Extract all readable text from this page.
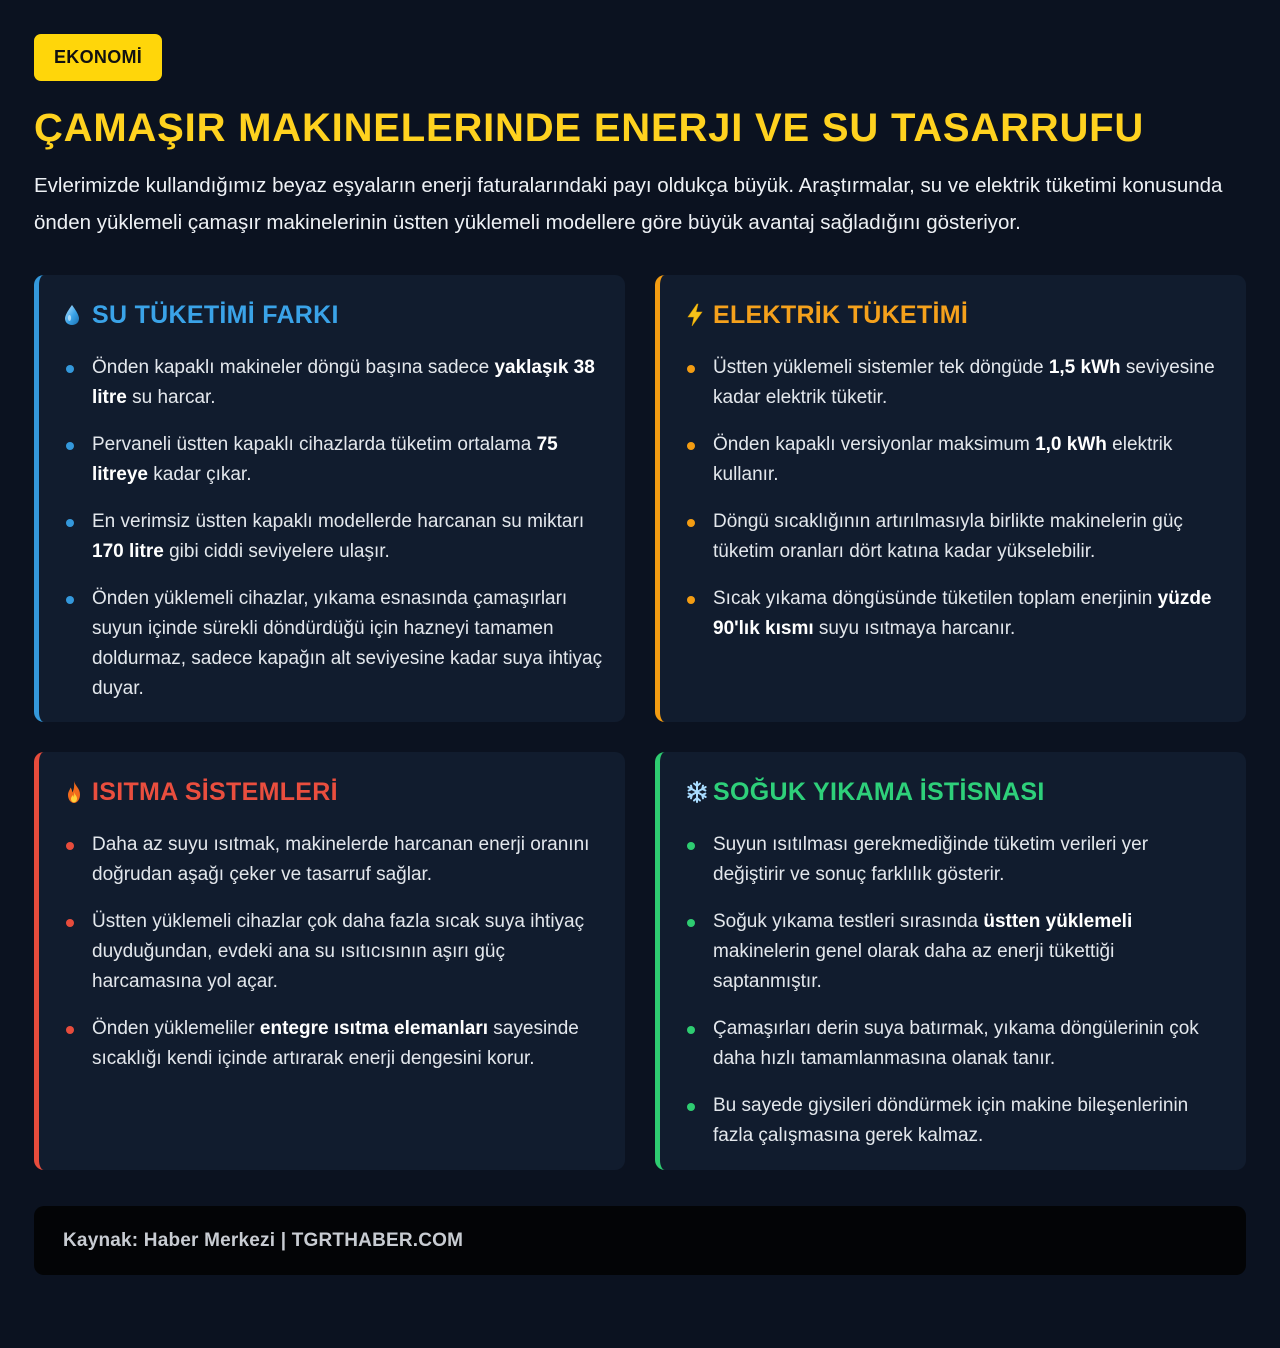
EKONOMİ
ÇAMAŞIR MAKINELERINDE ENERJI VE SU TASARRUFU

Evlerimizde kullandığımız beyaz eşyaların enerji faturalarındaki payı oldukça büyük. Araştırmalar, su ve elektrik tüketimi konusunda önden yüklemeli çamaşır makinelerinin üstten yüklemeli modellere göre büyük avantaj sağladığını gösteriyor.

SU TÜKETİMİ FARKI
Önden kapaklı makineler döngü başına sadece yaklaşık 38 litre su harcar.
Pervaneli üstten kapaklı cihazlarda tüketim ortalama 75 litreye kadar çıkar.
En verimsiz üstten kapaklı modellerde harcanan su miktarı 170 litre gibi ciddi seviyelere ulaşır.
Önden yüklemeli cihazlar, yıkama esnasında çamaşırları suyun içinde sürekli döndürdüğü için hazneyi tamamen doldurmaz, sadece kapağın alt seviyesine kadar suya ihtiyaç duyar.
ELEKTRİK TÜKETİMİ
Üstten yüklemeli sistemler tek döngüde 1,5 kWh seviyesine kadar elektrik tüketir.
Önden kapaklı versiyonlar maksimum 1,0 kWh elektrik kullanır.
Döngü sıcaklığının artırılmasıyla birlikte makinelerin güç tüketim oranları dört katına kadar yükselebilir.
Sıcak yıkama döngüsünde tüketilen toplam enerjinin yüzde 90'lık kısmı suyu ısıtmaya harcanır.
ISITMA SİSTEMLERİ
Daha az suyu ısıtmak, makinelerde harcanan enerji oranını doğrudan aşağı çeker ve tasarruf sağlar.
Üstten yüklemeli cihazlar çok daha fazla sıcak suya ihtiyaç duyduğundan, evdeki ana su ısıtıcısının aşırı güç harcamasına yol açar.
Önden yüklemeliler entegre ısıtma elemanları sayesinde sıcaklığı kendi içinde artırarak enerji dengesini korur.
SOĞUK YIKAMA İSTİSNASI
Suyun ısıtılması gerekmediğinde tüketim verileri yer değiştirir ve sonuç farklılık gösterir.
Soğuk yıkama testleri sırasında üstten yüklemeli makinelerin genel olarak daha az enerji tükettiği saptanmıştır.
Çamaşırları derin suya batırmak, yıkama döngülerinin çok daha hızlı tamamlanmasına olanak tanır.
Bu sayede giysileri döndürmek için makine bileşenlerinin fazla çalışmasına gerek kalmaz.
Kaynak: Haber Merkezi | TGRTHABER.COM
